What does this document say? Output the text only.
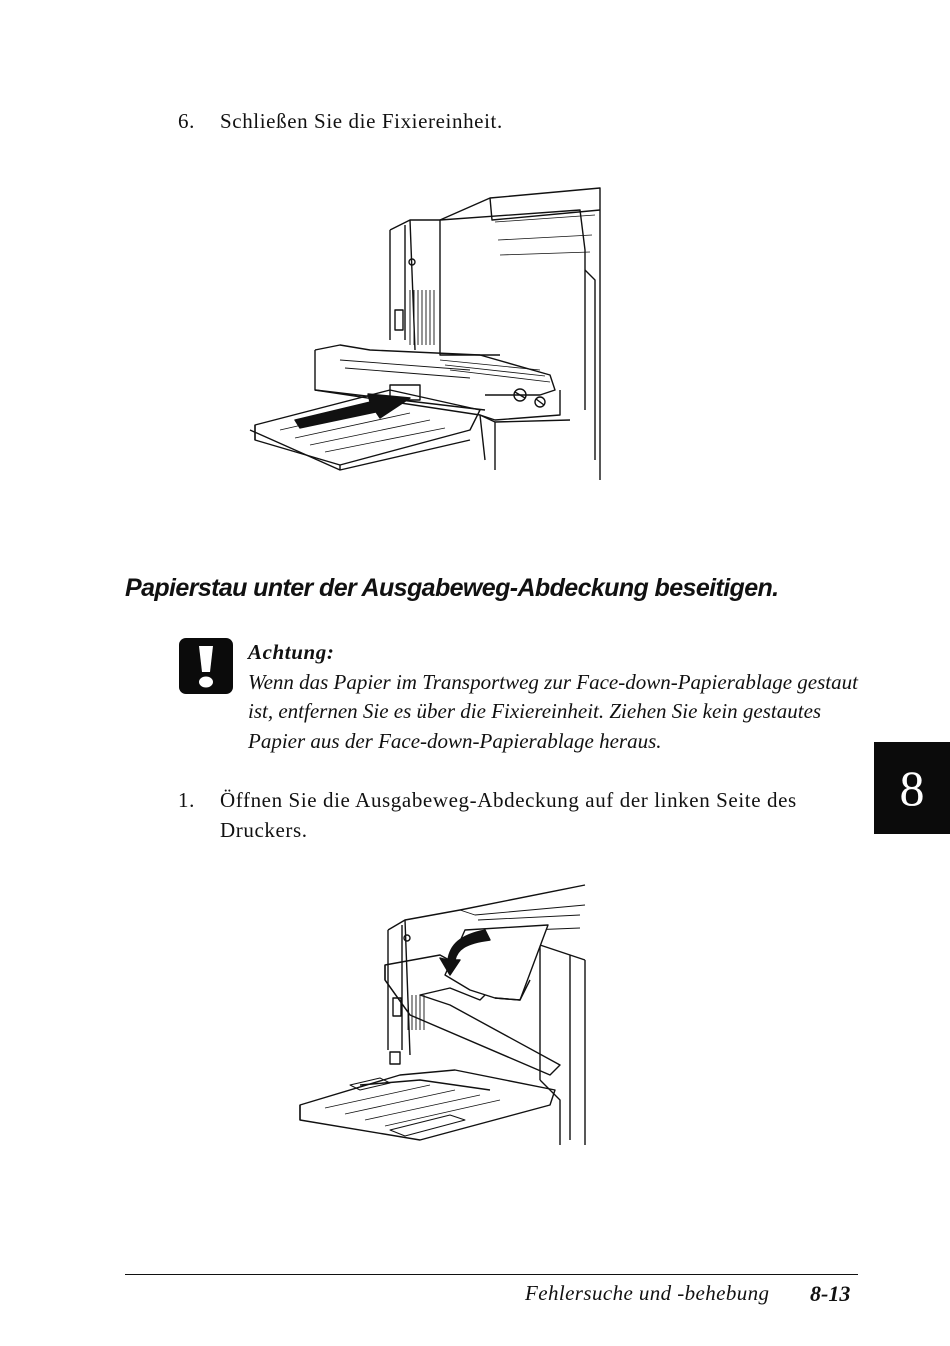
6. Schließen Sie die Fixiereinheit.
Papierstau unter der Ausgabeweg-Abdeckung beseitigen.
Achtung:
Wenn das Papier im Transportweg zur Face-down-Papierablage gestaut ist, entfernen Sie es über die Fixiereinheit. Ziehen Sie kein gestautes Papier aus der Face-down-Papierablage heraus.
8
1. Öffnen Sie die Ausgabeweg-Abdeckung auf der linken Seite des Druckers.
Fehlersuche und -behebung 8-13
